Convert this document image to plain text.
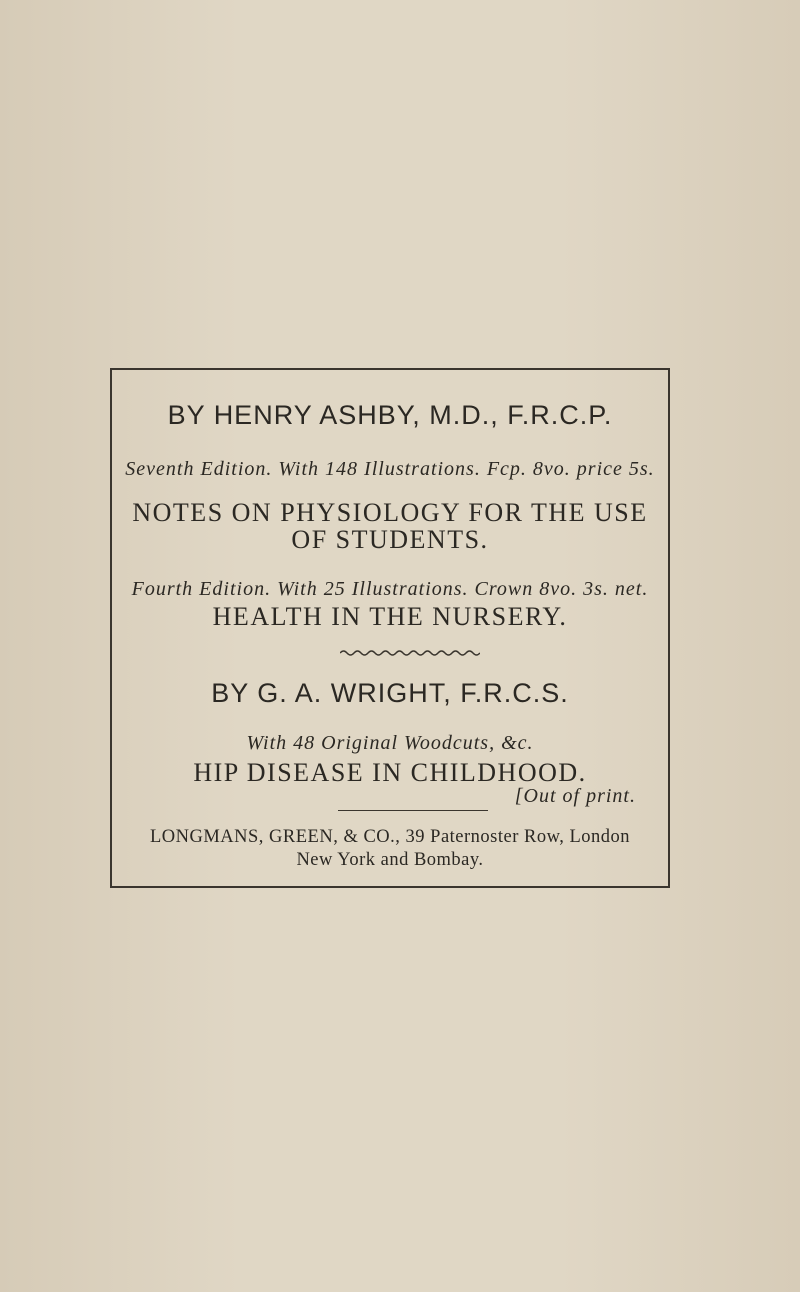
BY HENRY ASHBY, M.D., F.R.C.P.
Seventh Edition. With 148 Illustrations. Fcp. 8vo. price 5s.
NOTES ON PHYSIOLOGY FOR THE USE
OF STUDENTS.
Fourth Edition. With 25 Illustrations. Crown 8vo. 3s. net.
HEALTH IN THE NURSERY.
BY G. A. WRIGHT, F.R.C.S.
With 48 Original Woodcuts, &c.
HIP DISEASE IN CHILDHOOD.
[Out of print.
LONGMANS, GREEN, & CO., 39 Paternoster Row, London
New York and Bombay.
